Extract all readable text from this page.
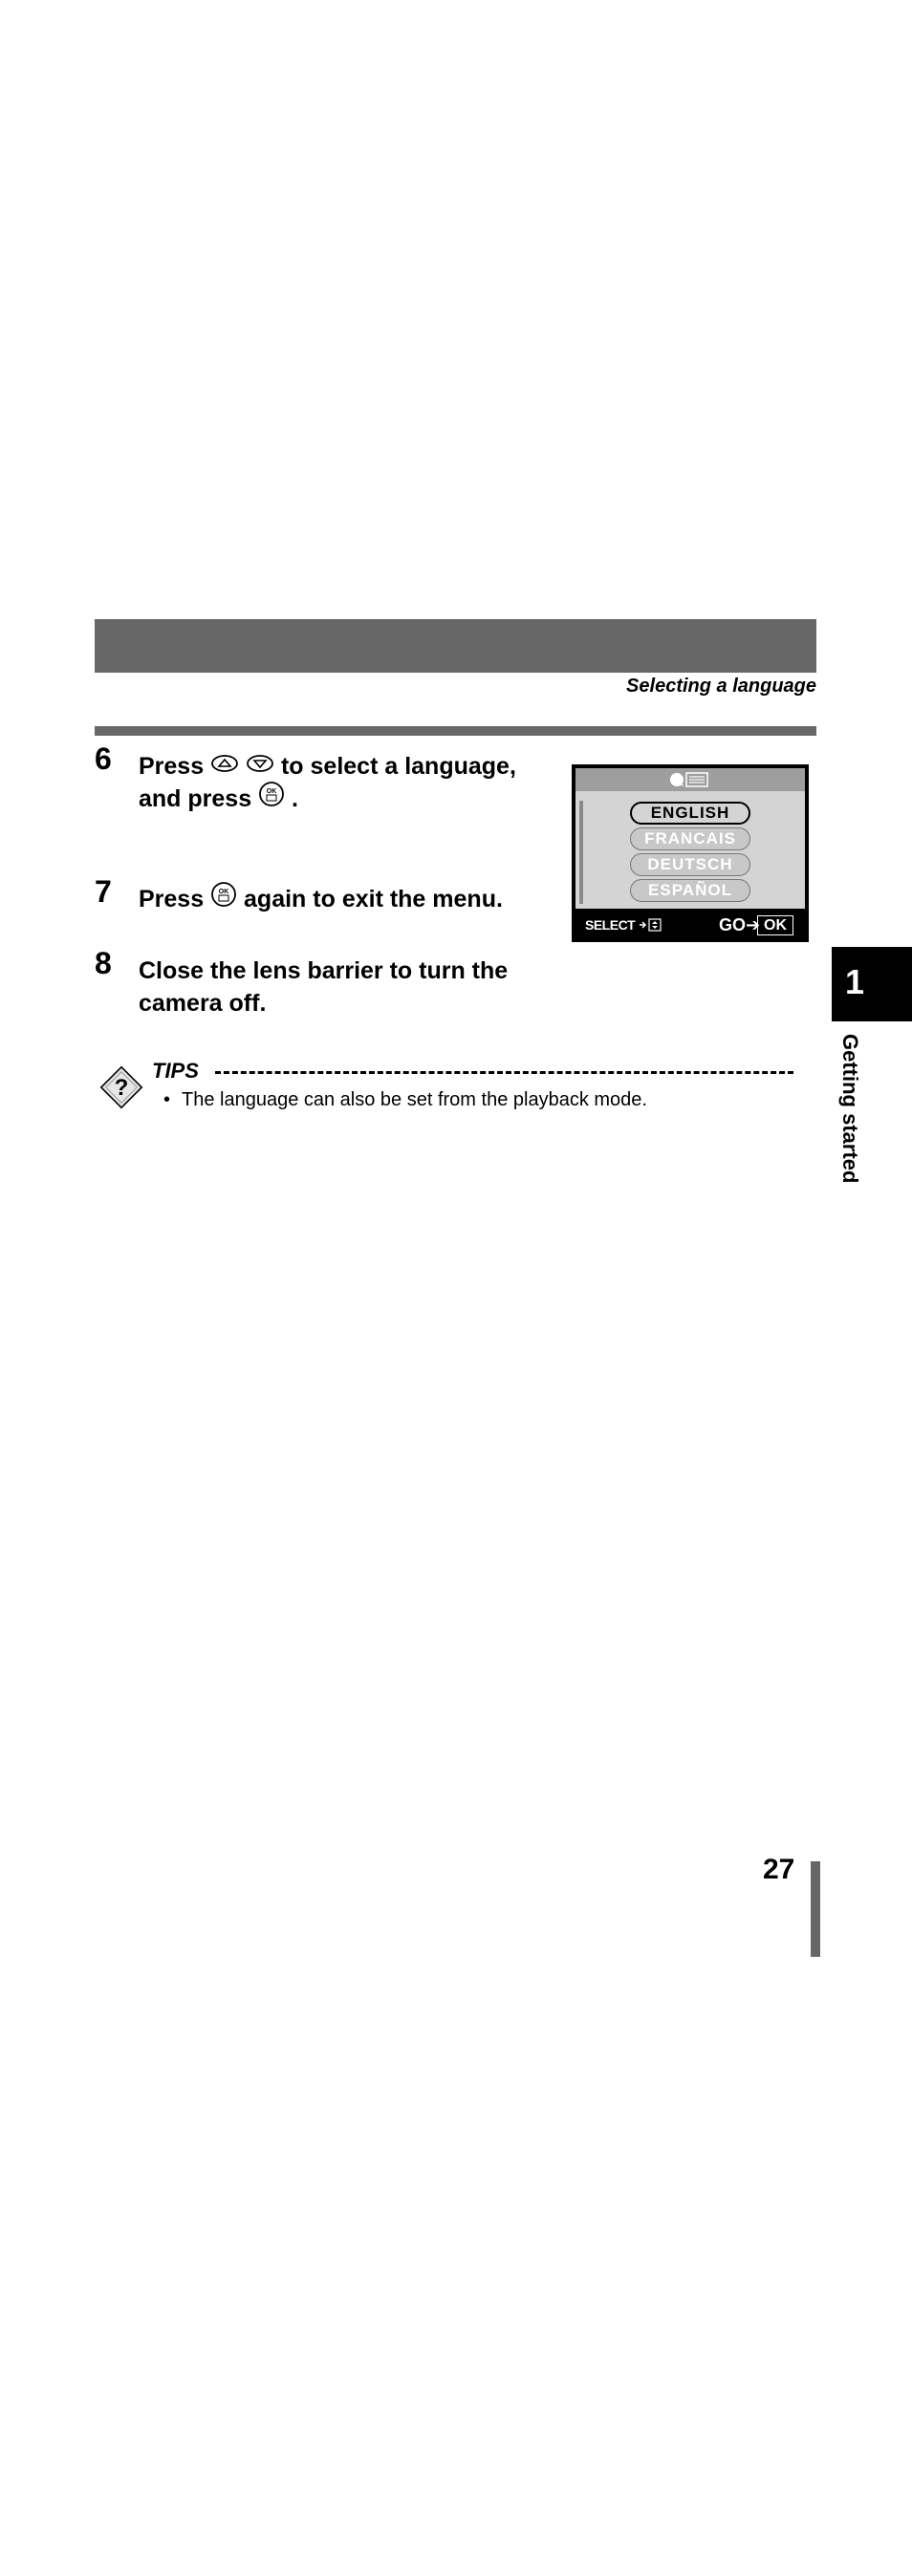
Selecting a language
6 Press	to select a language,
and press OK .
7 Press OK again to exit the menu.
8 Close the lens barrier to turn the
camera off.
ENGLISH
FRANCAIS
DEUTSCH
ESPAÑOL
SELECT	GO➔ OK
1
Getting started
?
TIPS
• The language can also be set from the playback mode.
27
